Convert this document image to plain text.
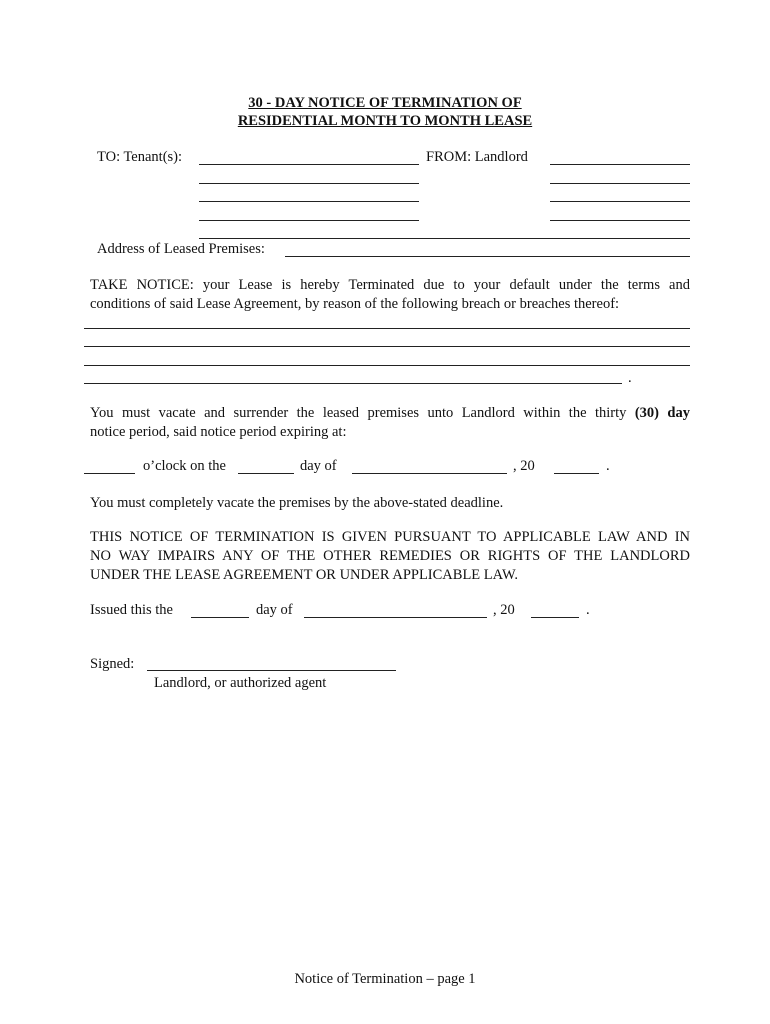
30 - DAY NOTICE OF TERMINATION OF
RESIDENTIAL MONTH TO MONTH LEASE
TO: Tenant(s):	FROM: Landlord
Address of Leased Premises:
TAKE NOTICE: your Lease is hereby Terminated due to your default under the terms and
conditions of said Lease Agreement, by reason of the following breach or breaches thereof:
.
You must vacate and surrender the leased premises unto Landlord within the thirty (30) day
notice period, said notice period expiring at:
o’clock on the	day of	, 20	.
You must completely vacate the premises by the above-stated deadline.
THIS NOTICE OF TERMINATION IS GIVEN PURSUANT TO APPLICABLE LAW AND IN
NO WAY IMPAIRS ANY OF THE OTHER REMEDIES OR RIGHTS OF THE LANDLORD
UNDER THE LEASE AGREEMENT OR UNDER APPLICABLE LAW.
Issued this the	day of	, 20	.
Signed:
Landlord, or authorized agent
Notice of Termination – page 1
